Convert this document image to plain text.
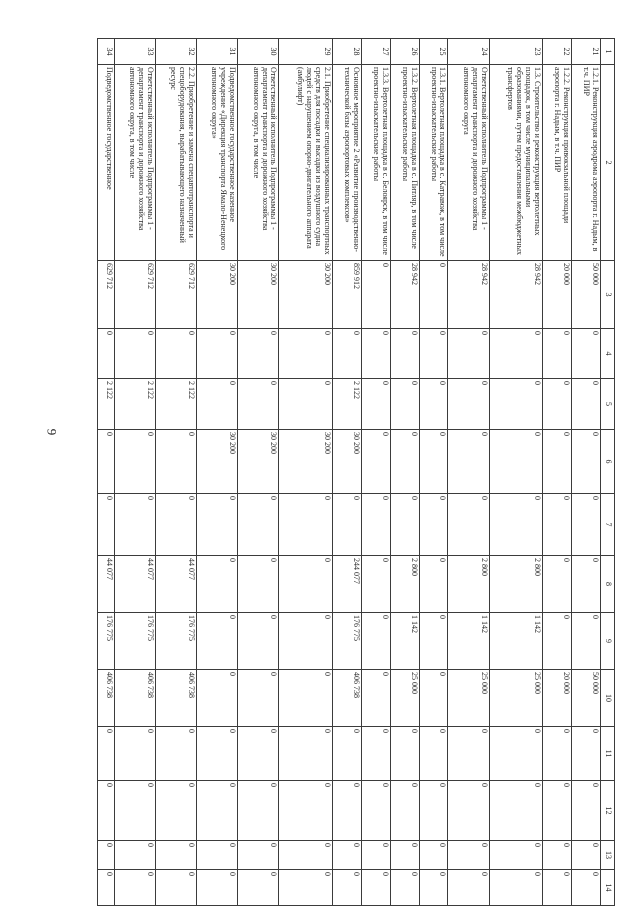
9
1	2	3	4	5	6	7	8	9	10	11	12	13	14
21	1.2.1. Реконструкция аэродрома аэропорта г. Надым, в т.ч. ПИР	50 000	0	0	0	0	0	0	50 000	0	0	0	0
22	1.2.2. Реконструкция привокзальной площади аэропорта г. Надым, в т.ч. ПИР	20 000	0	0	0	0	0	0	20 000	0	0	0	0
23	1.3. Строительство и реконструкция вертолетных площадок, в том числе муниципальными образованиями, путем предоставления межбюджетных трансфертов	28 942	0	0	0	0	2 800	1 142	25 000	0	0	0	0
24	Ответственный исполнитель Подпрограммы 1 - департамент транспорта и дорожного хозяйства автономного округа	28 942	0	0	0	0	2 800	1 142	25 000	0	0	0	0
25	1.3.1. Вертолетная площадка в с. Катравож, в том числе проектно-изыскательские работы	0	0	0	0	0	0	0	0	0	0	0	0
26	1.3.2. Вертолетная площадка в с. Питляр, в том числе проектно-изыскательские работы	28 942	0	0	0	0	2 800	1 142	25 000	0	0	0	0
27	1.3.3. Вертолетная площадка в с. Белоярск, в том числе проектно-изыскательские работы	0	0	0	0	0	0	0	0	0	0	0	0
28	Основное мероприятие 2 «Развитие производственно-технической базы аэропортовых комплексов»	859 912	0	2 122	30 200	0	244 077	176 775	406 738	0	0	0	0
29	2.1. Приобретение специализированных транспортных средств для посадки и высадки из воздушного судна людей с нарушением опорно-двигательного аппарата (амбулифт)	30 200	0	0	30 200	0	0	0	0	0	0	0	0
30	Ответственный исполнитель Подпрограммы 1 - департамент транспорта и дорожного хозяйства автономного округа, в том числе	30 200	0	0	30 200	0	0	0	0	0	0	0	0
31	Подведомственное государственное казенное учреждение «Дирекция транспорта Ямало-Ненецкого автономного округа»	30 200	0	0	30 200	0	0	0	0	0	0	0	0
32	2.2. Приобретение и замена спецавтотранспорта и спецоборудования, вырабатывающего назначенный ресурс	629 712	0	2 122	0	0	44 077	176 775	406 738	0	0	0	0
33	Ответственный исполнитель Подпрограммы 1 - департамент транспорта и дорожного хозяйства автономного округа, в том числе	629 712	0	2 122	0	0	44 077	176 775	406 738	0	0	0	0
34	Подведомственное государственное	629 712	0	2 122	0	0	44 077	176 775	406 738	0	0	0	0
